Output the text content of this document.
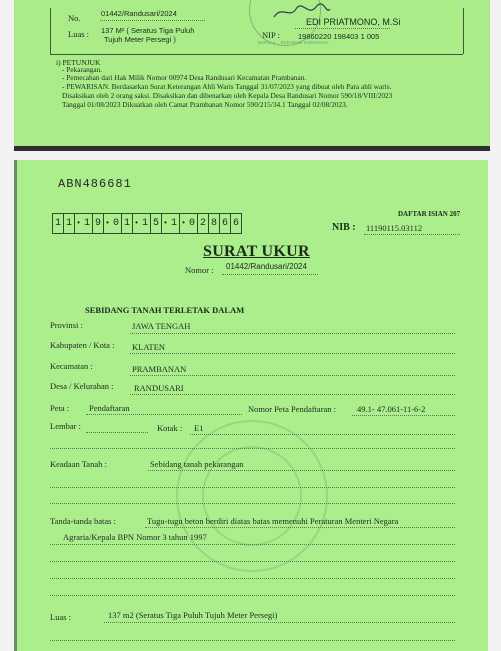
No.	01442/Randusari/2024
Luas : 137 M² ( Seratus Tiga Puluh
Tujuh Meter Persegi )	KEPALA ... REPUBLIK INDONESIA
EDI PRIATMONO, M.Si
NIP : 19860220 198403 1 005
i) PETUNJUK
- Pekarangan.
- Pemecahan dari Hak Milik Nomor 00974 Desa Randusari Kecamatan Prambanan.
- PEWARISAN. Berdasarkan Surat Keterangan Ahli Waris Tanggal 31/07/2023 yang dibuat oleh Para ahli waris.
Disaksikan oleh 2 orang saksi. Disaksikan dan dibenarkan oleh Kepala Desa Randusari Nomor 590/18/VIII/2023
Tanggal 01/08/2023 Dikuatkan oleh Camat Prambanan Nomor 590/215/34.1 Tanggal 02/08/2023.
ABN486681
1 1 • 1 9 • 0 1 • 1 5 • 1 • 0 2 8 6 6
DAFTAR ISIAN 207
NIB : 11190115.03112
SURAT UKUR
Nomor : 01442/Randusari/2024
SEBIDANG TANAH TERLETAK DALAM
Provinsi :	JAWA TENGAH
Kabupaten / Kota : KLATEN
Kecamatan :	PRAMBANAN
Desa / Kelurahan : RANDUSARI
Peta : Pendaftaran	Nomor Peta Pendaftaran : 49.1- 47.061-11-6-2
Lembar :	Kotak : E1
Keadaan Tanah :	Sebidang tanah pekarangan
Tanda-tanda batas :	Tugu-tugu beton berdiri diatas batas memenuhi Peraturan Menteri Negara
Agraria/Kepala BPN Nomor 3 tahun 1997
Luas :	137 m2 (Seratus Tiga Puluh Tujuh Meter Persegi)
